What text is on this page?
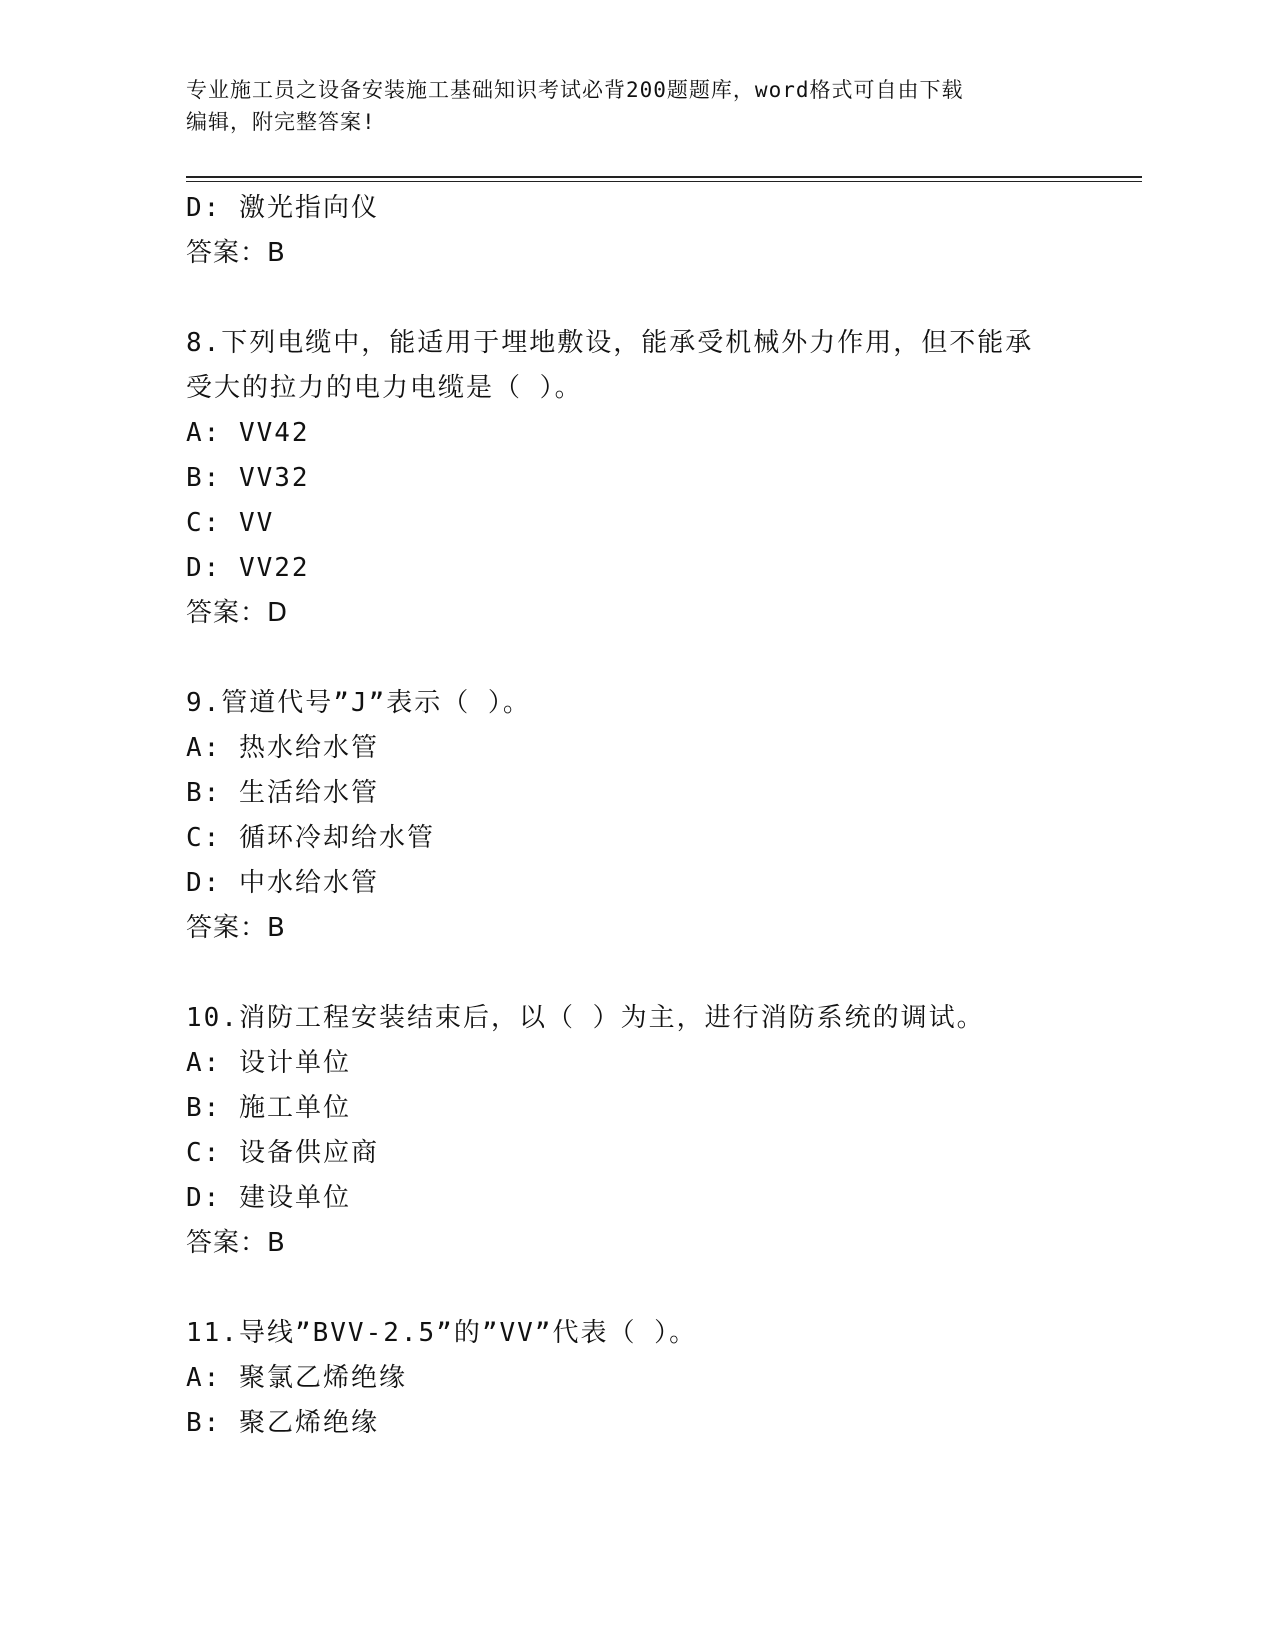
专业施工员之设备安装施工基础知识考试必背200题题库，word格式可自由下载
编辑，附完整答案!
D: 激光指向仪
答案：B
8.下列电缆中，能适用于埋地敷设，能承受机械外力作用，但不能承
受大的拉力的电力电缆是（ ）。
A: VV42
B: VV32
C: VV
D: VV22
答案：D
9.管道代号”J”表示（ ）。
A: 热水给水管
B: 生活给水管
C: 循环冷却给水管
D: 中水给水管
答案：B
10.消防工程安装结束后，以（ ）为主，进行消防系统的调试。
A: 设计单位
B: 施工单位
C: 设备供应商
D: 建设单位
答案：B
11.导线”BVV-2.5”的”VV”代表（ ）。
A: 聚氯乙烯绝缘
B: 聚乙烯绝缘
